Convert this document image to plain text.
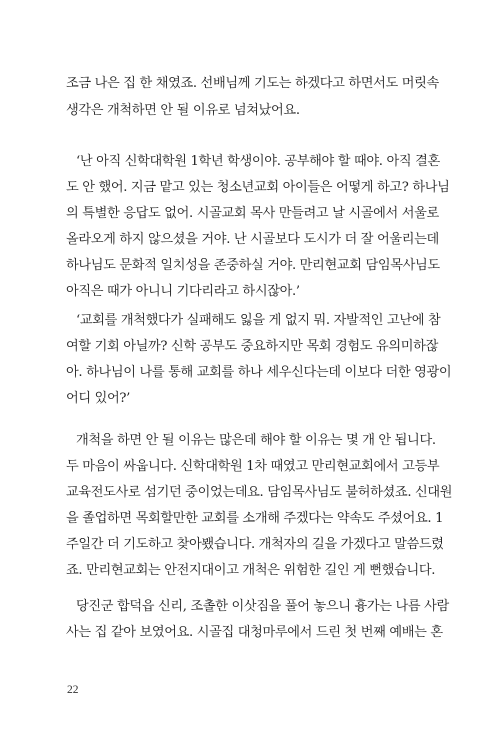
조금 나은 집 한 채였죠. 선배님께 기도는 하겠다고 하면서도 머릿속
생각은 개척하면 안 될 이유로 넘쳐났어요.
‘난 아직 신학대학원 1학년 학생이야. 공부해야 할 때야. 아직 결혼
도 안 했어. 지금 맡고 있는 청소년교회 아이들은 어떻게 하고? 하나님
의 특별한 응답도 없어. 시골교회 목사 만들려고 날 시골에서 서울로
올라오게 하지 않으셨을 거야. 난 시골보다 도시가 더 잘 어울리는데
하나님도 문화적 일치성을 존중하실 거야. 만리현교회 담임목사님도
아직은 때가 아니니 기다리라고 하시잖아.’
‘교회를 개척했다가 실패해도 잃을 게 없지 뭐. 자발적인 고난에 참
여할 기회 아닐까? 신학 공부도 중요하지만 목회 경험도 유의미하잖
아. 하나님이 나를 통해 교회를 하나 세우신다는데 이보다 더한 영광이
어디 있어?’
개척을 하면 안 될 이유는 많은데 해야 할 이유는 몇 개 안 됩니다.
두 마음이 싸웁니다. 신학대학원 1차 때였고 만리현교회에서 고등부
교육전도사로 섬기던 중이었는데요. 담임목사님도 불허하셨죠. 신대원
을 졸업하면 목회할만한 교회를 소개해 주겠다는 약속도 주셨어요. 1
주일간 더 기도하고 찾아뵀습니다. 개척자의 길을 가겠다고 말씀드렸
죠. 만리현교회는 안전지대이고 개척은 위험한 길인 게 뻔했습니다.
당진군 합덕읍 신리, 조촐한 이삿짐을 풀어 놓으니 흉가는 나름 사람
사는 집 같아 보였어요. 시골집 대청마루에서 드린 첫 번째 예배는 혼
22
